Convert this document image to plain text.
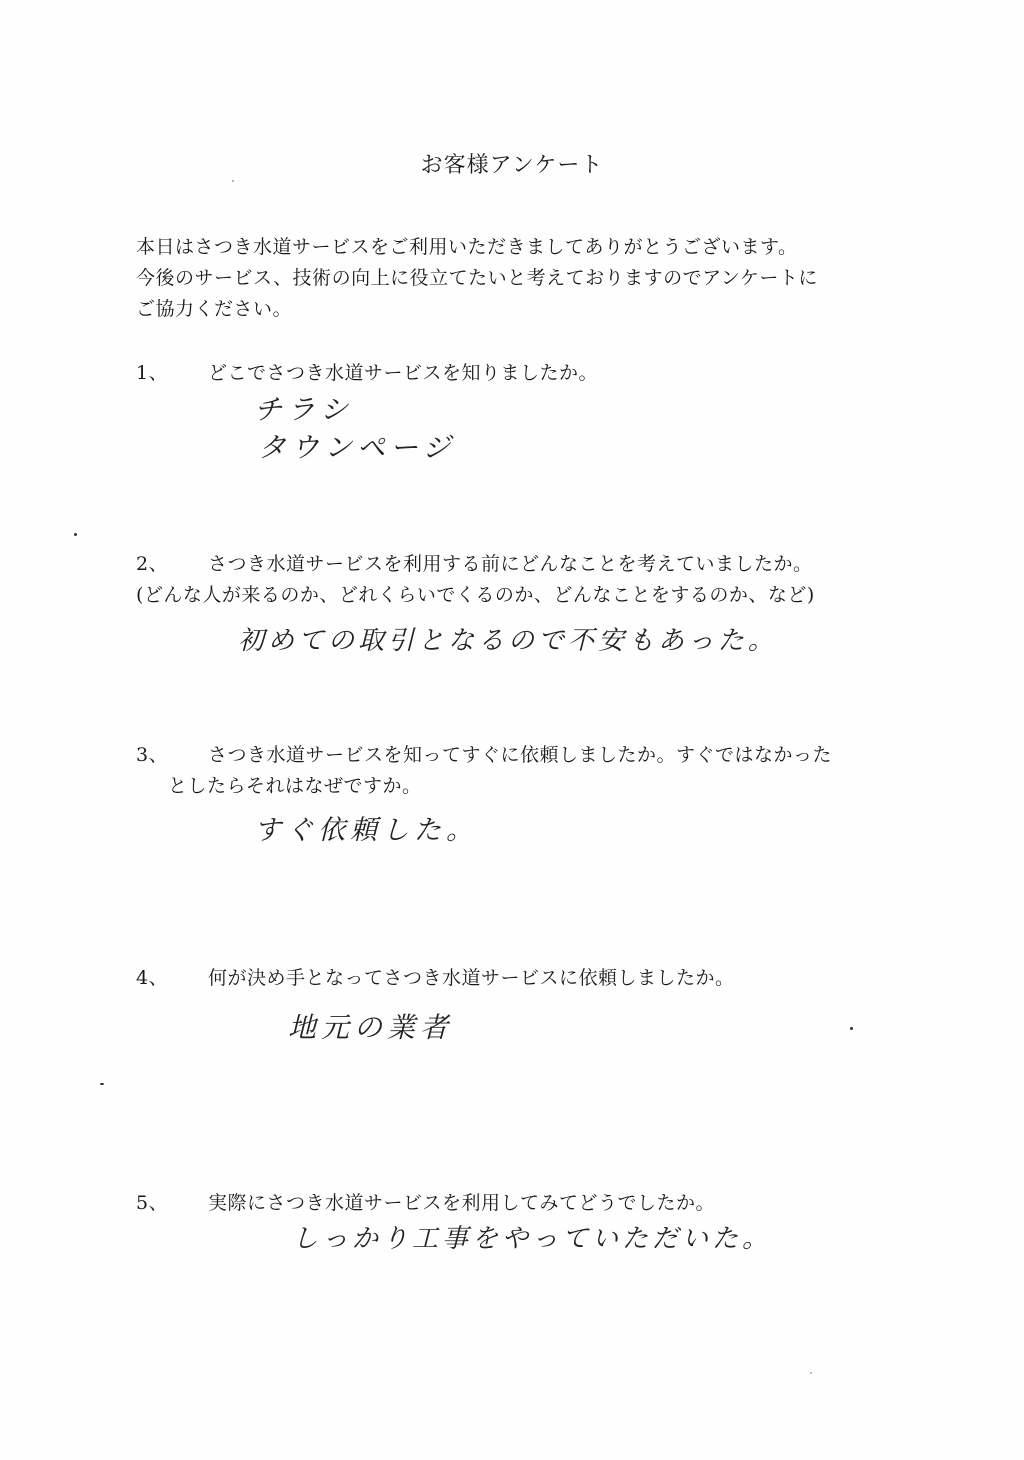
お客様アンケート
本日はさつき水道サービスをご利用いただきましてありがとうございます。
今後のサービス、技術の向上に役立てたいと考えておりますのでアンケートに
ご協力ください。
1、 どこでさつき水道サービスを知りましたか。
チラシ
タウンページ
2、 さつき水道サービスを利用する前にどんなことを考えていましたか。
(どんな人が来るのか、どれくらいでくるのか、どんなことをするのか、など)
初めての取引となるので不安もあった。
3、 さつき水道サービスを知ってすぐに依頼しましたか。すぐではなかった
としたらそれはなぜですか。
すぐ依頼した。
4、 何が決め手となってさつき水道サービスに依頼しましたか。
地元の業者
5、 実際にさつき水道サービスを利用してみてどうでしたか。
しっかり工事をやっていただいた。
